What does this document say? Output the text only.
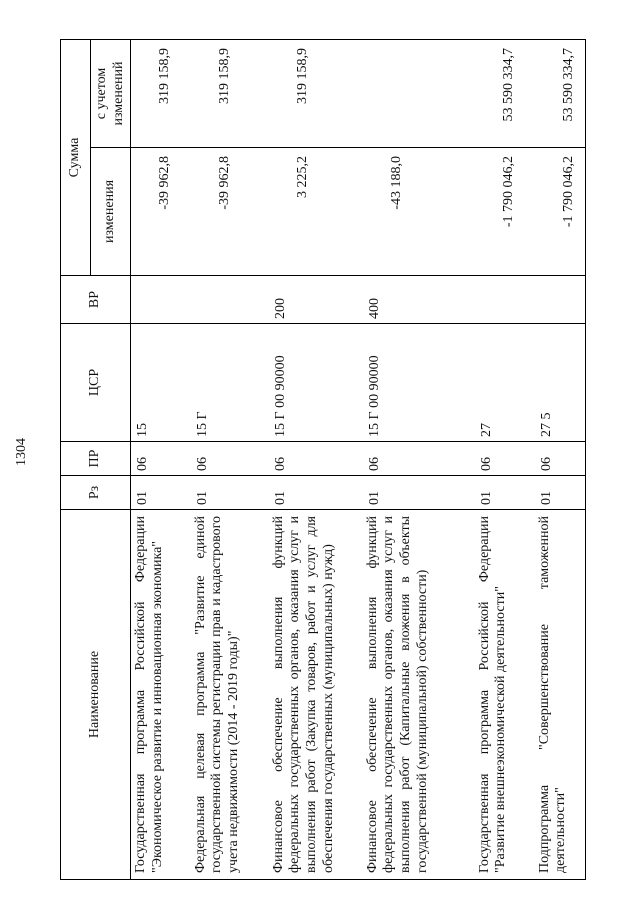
1304
Наименование	Рз	ПР	ЦСР	ВР	Сумма	
					изменения	с учетом изменений
Государственная программа Российской Федерации "Экономическое развитие и инновационная экономика"	01	06	15		-39 962,8	319 158,9
Федеральная целевая программа "Развитие единой государственной системы регистрации прав и кадастрового учета недвижимости (2014 - 2019 годы)"	01	06	15 Г		-39 962,8	319 158,9
Финансовое обеспечение выполнения функций федеральных государственных органов, оказания услуг и выполнения работ (Закупка товаров, работ и услуг для обеспечения государственных (муниципальных) нужд)	01	06	15 Г 00 90000	200	3 225,2	319 158,9
Финансовое обеспечение выполнения функций федеральных государственных органов, оказания услуг и выполнения работ (Капитальные вложения в объекты государственной (муниципальной) собственности)	01	06	15 Г 00 90000	400	-43 188,0	
Государственная программа Российской Федерации "Развитие внешнеэкономической деятельности"	01	06	27		-1 790 046,2	53 590 334,7
Подпрограмма "Совершенствование таможенной деятельности"	01	06	27 5		-1 790 046,2	53 590 334,7
